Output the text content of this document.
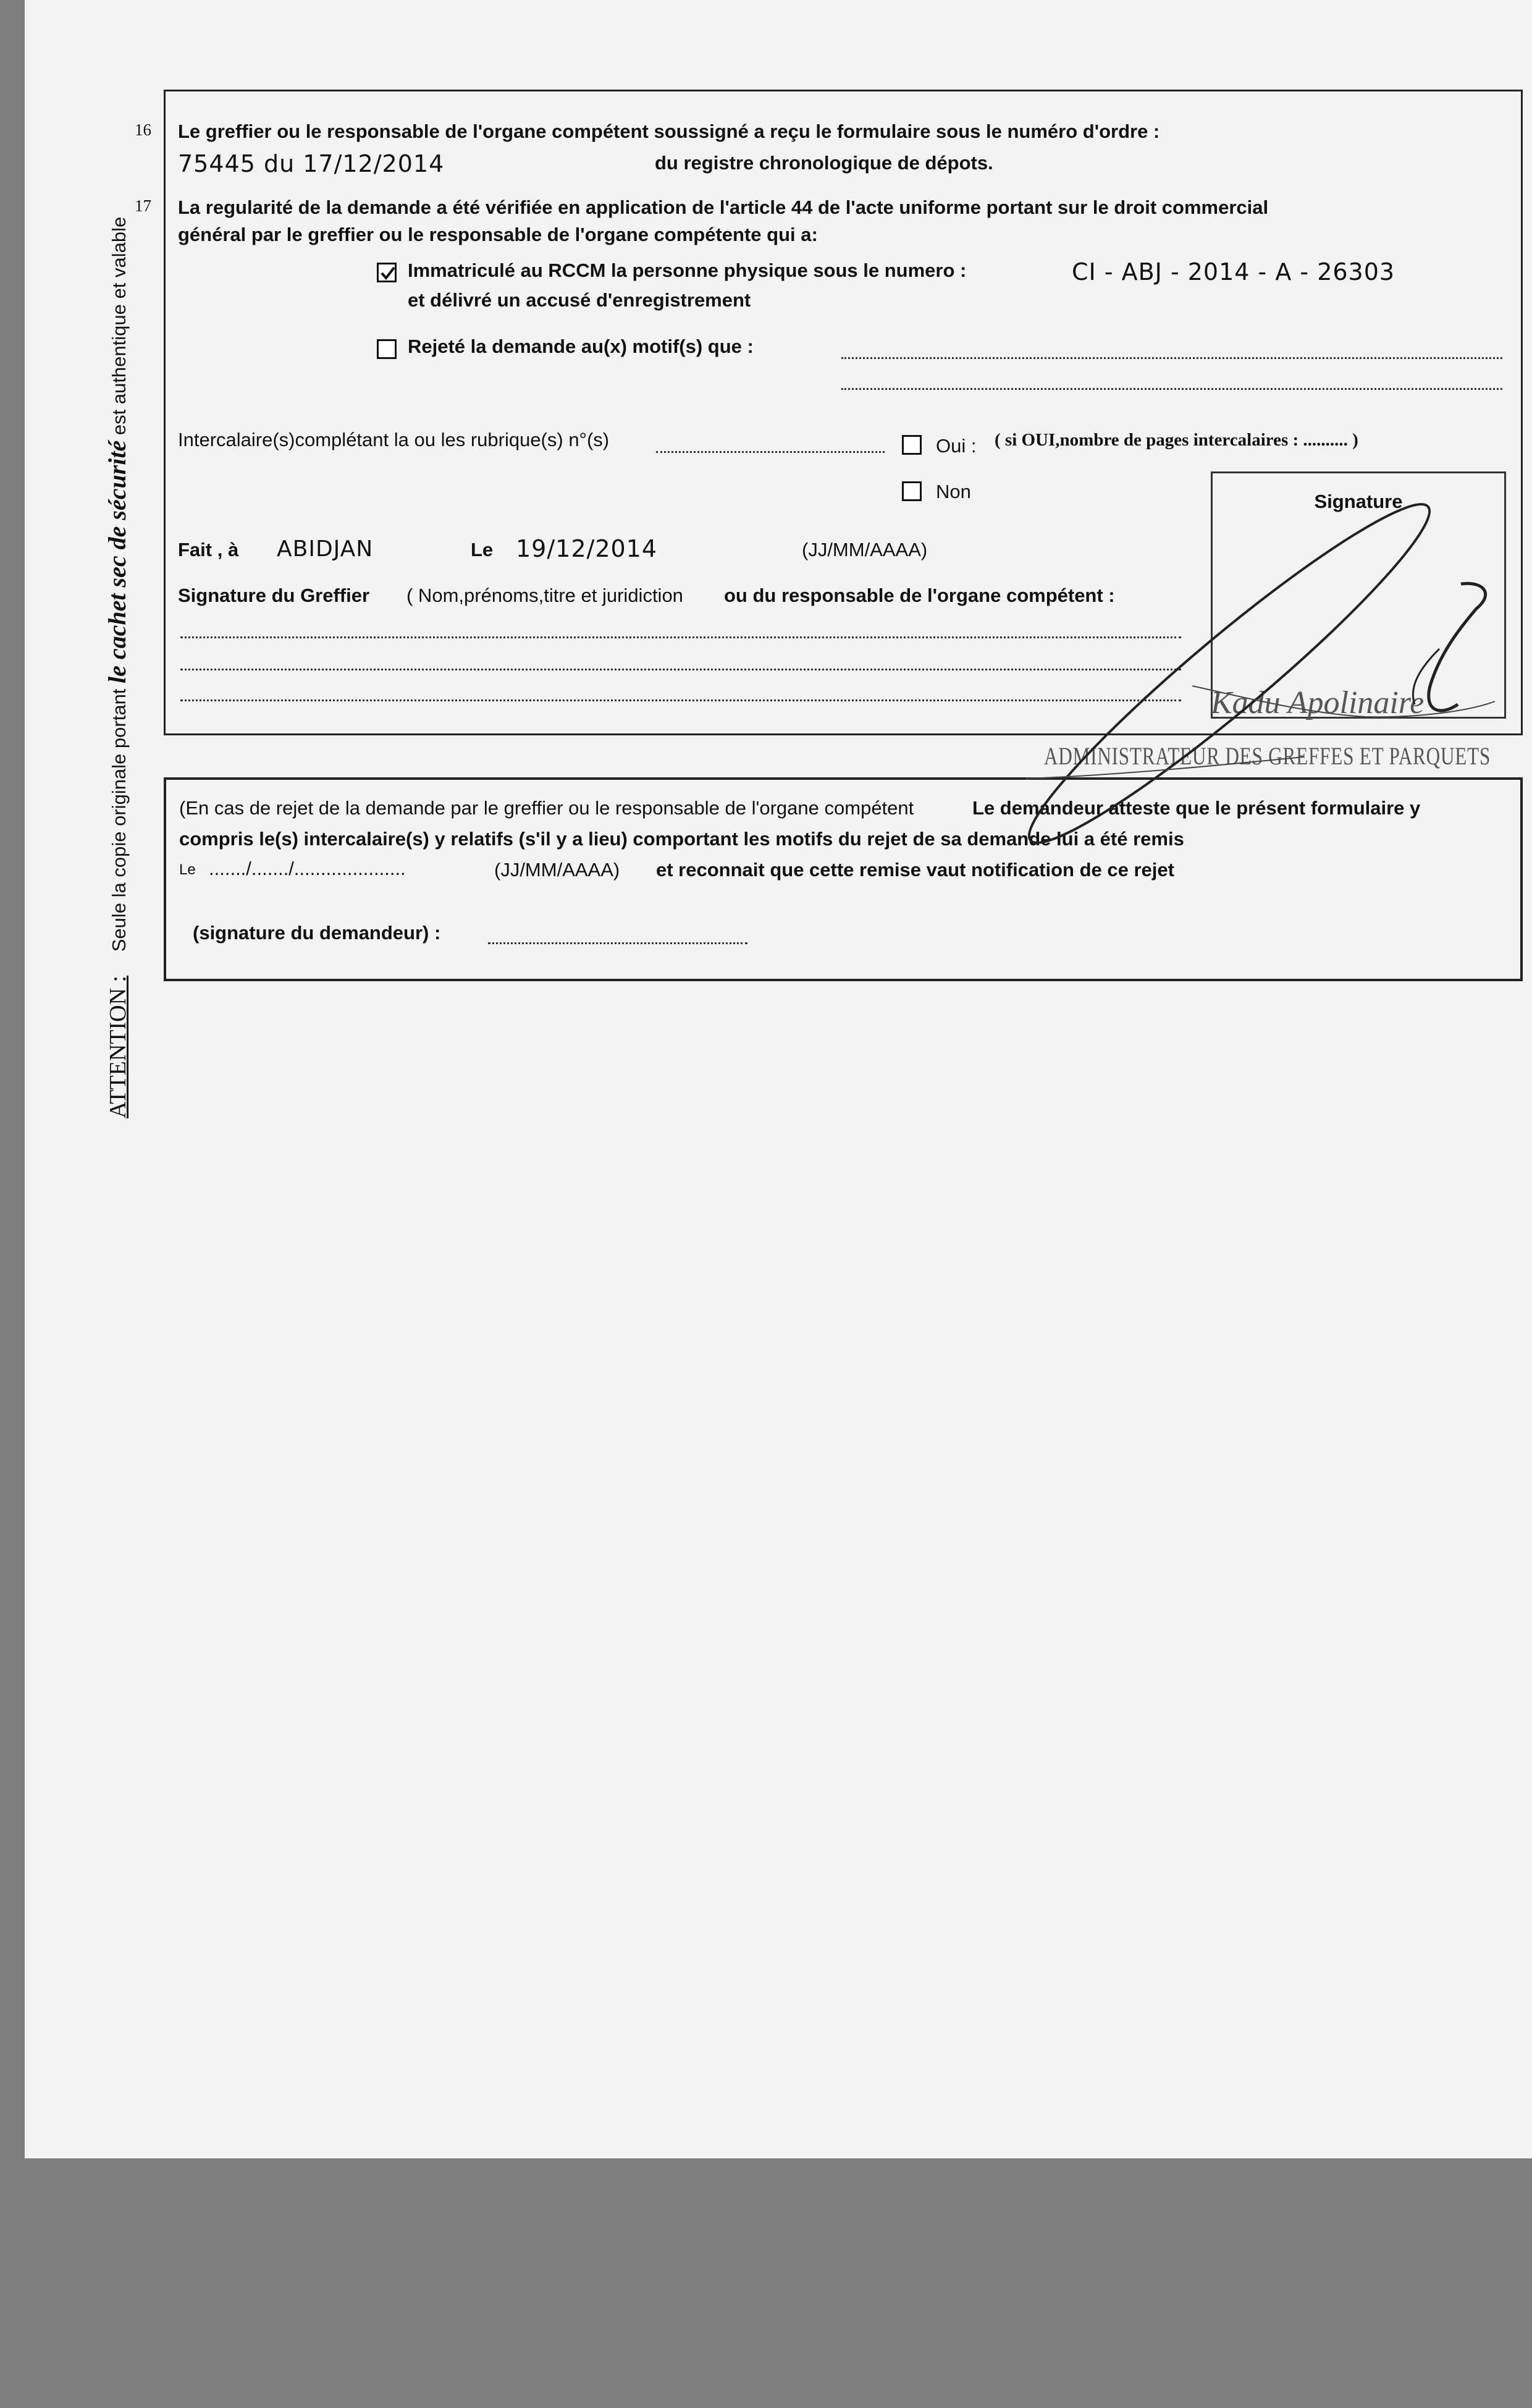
ATTENTION : Seule la copie originale portant le cachet sec de sécurité est authentique et valable
16
17
Le greffier ou le responsable de l'organe compétent soussigné a reçu le formulaire sous le numéro d'ordre :
75445 du 17/12/2014	du registre chronologique de dépots.
La regularité de la demande a été vérifiée en application de l'article 44 de l'acte uniforme portant sur le droit commercial
général par le greffier ou le responsable de l'organe compétente qui a:
Immatriculé au RCCM la personne physique sous le numero :	CI - ABJ - 2014 - A - 26303
et délivré un accusé d'enregistrement
Rejeté la demande au(x) motif(s) que :
Intercalaire(s)complétant la ou les rubrique(s) n°(s)	Oui : ( si OUI,nombre de pages intercalaires : .......... )
Non
Fait , à ABIDJAN	Le 19/12/2014	(JJ/MM/AAAA)
Signature du Greffier ( Nom,prénoms,titre et juridiction ou du responsable de l'organe compétent :
Signature
Kadu Apolinaire
ADMINISTRATEUR DES GREFFES ET PARQUETS
(En cas de rejet de la demande par le greffier ou le responsable de l'organe compétent	Le demandeur atteste que le présent formulaire y
compris le(s) intercalaire(s) y relatifs (s'il y a lieu) comportant les motifs du rejet de sa demande lui a été remis
Le ......./......./.....................	(JJ/MM/AAAA) et reconnait que cette remise vaut notification de ce rejet
(signature du demandeur) :
